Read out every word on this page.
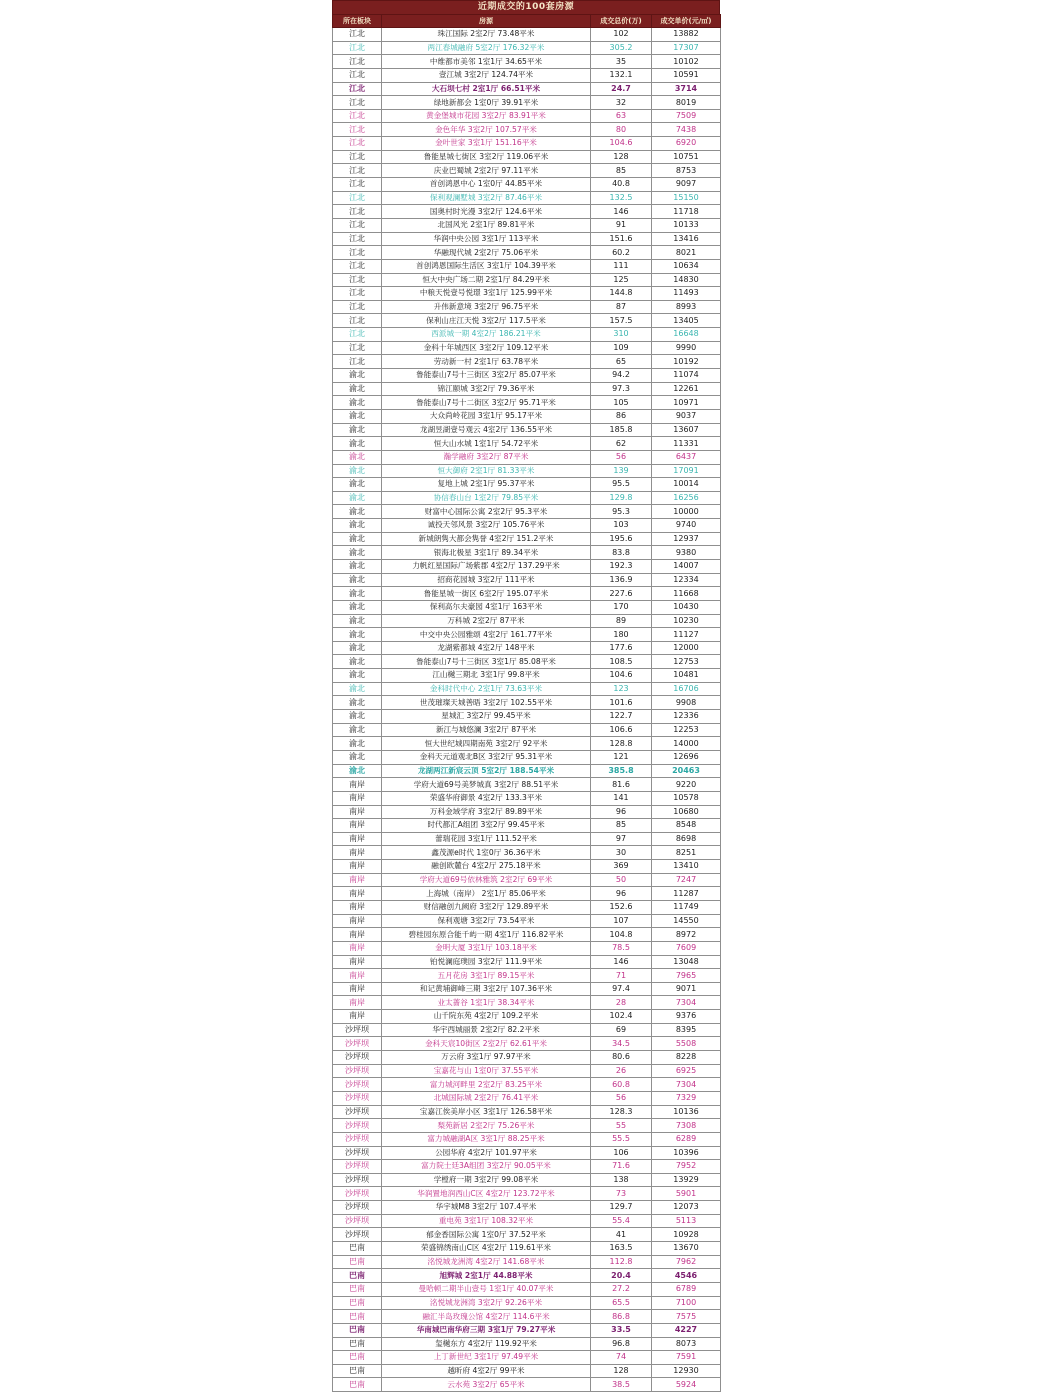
近期成交的100套房源
所在板块	房源	成交总价(万)	成交单价(元/㎡)
江北	珠江国际 2室2厅 73.48平米	102	13882
江北	两江春城融府 5室2厅 176.32平米	305.2	17307
江北	中维都市美邻 1室1厅 34.65平米	35	10102
江北	壹江城 3室2厅 124.74平米	132.1	10591
江北	大石坝七村 2室1厅 66.51平米	24.7	3714
江北	绿地新都会 1室0厅 39.91平米	32	8019
江北	黄金堡城市花园 3室2厅 83.91平米	63	7509
江北	金色年华 3室2厅 107.57平米	80	7438
江北	金叶世家 3室1厅 151.16平米	104.6	6920
江北	鲁能星城七街区 3室2厅 119.06平米	128	10751
江北	庆业巴蜀城 2室2厅 97.11平米	85	8753
江北	首创鸿恩中心 1室0厅 44.85平米	40.8	9097
江北	保利观澜墅城 3室2厅 87.46平米	132.5	15150
江北	国奥村时光漫 3室2厅 124.6平米	146	11718
江北	北国风光 2室1厅 89.81平米	91	10133
江北	华润中央公园 3室1厅 113平米	151.6	13416
江北	华融现代城 2室2厅 75.06平米	60.2	8021
江北	首创鸿恩国际生活区 3室1厅 104.39平米	111	10634
江北	恒大中央广场二期 2室1厅 84.29平米	125	14830
江北	中粮天悦壹号悦璟 3室1厅 125.99平米	144.8	11493
江北	升伟新意境 3室2厅 96.75平米	87	8993
江北	保利山庄江天悦 3室2厅 117.5平米	157.5	13405
江北	西派城一期 4室2厅 186.21平米	310	16648
江北	金科十年城西区 3室2厅 109.12平米	109	9990
江北	劳动新一村 2室1厅 63.78平米	65	10192
渝北	鲁能泰山7号十三街区 3室2厅 85.07平米	94.2	11074
渝北	锦江颐城 3室2厅 79.36平米	97.3	12261
渝北	鲁能泰山7号十二街区 3室2厅 95.71平米	105	10971
渝北	大众尚岭花园 3室1厅 95.17平米	86	9037
渝北	龙湖昱湖壹号观云 4室2厅 136.55平米	185.8	13607
渝北	恒大山水城 1室1厅 54.72平米	62	11331
渝北	瀚学融府 3室2厅 87平米	56	6437
渝北	恒大御府 2室1厅 81.33平米	139	17091
渝北	复地上城 2室1厅 95.37平米	95.5	10014
渝北	协信春山台 1室2厅 79.85平米	129.8	16256
渝北	财富中心国际公寓 2室2厅 95.3平米	95.3	10000
渝北	诚投天邻风景 3室2厅 105.76平米	103	9740
渝北	新城朗隽大都会隽誉 4室2厅 151.2平米	195.6	12937
渝北	银海北极星 3室1厅 89.34平米	83.8	9380
渝北	力帆红星国际广场紫郡 4室2厅 137.29平米	192.3	14007
渝北	招商花园城 3室2厅 111平米	136.9	12334
渝北	鲁能星城一街区 6室2厅 195.07平米	227.6	11668
渝北	保利高尔夫豪园 4室1厅 163平米	170	10430
渝北	万科城 2室2厅 87平米	89	10230
渝北	中交中央公园雅颂 4室2厅 161.77平米	180	11127
渝北	龙湖紫都城 4室2厅 148平米	177.6	12000
渝北	鲁能泰山7号十三街区 3室1厅 85.08平米	108.5	12753
渝北	江山樾三期北 3室1厅 99.8平米	104.6	10481
渝北	金科时代中心 2室1厅 73.63平米	123	16706
渝北	世茂璀璨天城善晤 3室2厅 102.55平米	101.6	9908
渝北	星城汇 3室2厅 99.45平米	122.7	12336
渝北	新江与城悠澜 3室2厅 87平米	106.6	12253
渝北	恒大世纪城四期南苑 3室2厅 92平米	128.8	14000
渝北	金科天元道观北B区 3室2厅 95.31平米	121	12696
渝北	龙湖两江新宸云顶 5室2厅 188.54平米	385.8	20463
南岸	学府大道69号美梦城真 3室2厅 88.51平米	81.6	9220
南岸	荣盛华府御景 4室2厅 133.3平米	141	10578
南岸	万科金域学府 3室2厅 89.89平米	96	10680
南岸	时代都汇A组团 3室2厅 99.45平米	85	8548
南岸	蕾瑞花园 3室1厅 111.52平米	97	8698
南岸	鑫茂源e时代 1室0厅 36.36平米	30	8251
南岸	融创欧麓台 4室2厅 275.18平米	369	13410
南岸	学府大道69号依林雅筑 2室2厅 69平米	50	7247
南岸	上海城（南岸） 2室1厅 85.06平米	96	11287
南岸	财信融创九阙府 3室2厅 129.89平米	152.6	11749
南岸	保利观塘 3室2厅 73.54平米	107	14550
南岸	碧桂园东原合能千屿一期 4室1厅 116.82平米	104.8	8972
南岸	金明大厦 3室1厅 103.18平米	78.5	7609
南岸	铂悦澜庭璞园 3室2厅 111.9平米	146	13048
南岸	五月花房 3室1厅 89.15平米	71	7965
南岸	和记黄埔御峰三期 3室2厅 107.36平米	97.4	9071
南岸	业太蔷谷 1室1厅 38.34平米	28	7304
南岸	山千院东苑 4室2厅 109.2平米	102.4	9376
沙坪坝	华宇西城丽景 2室2厅 82.2平米	69	8395
沙坪坝	金科天宸10街区 2室2厅 62.61平米	34.5	5508
沙坪坝	万云府 3室1厅 97.97平米	80.6	8228
沙坪坝	宝嘉花与山 1室0厅 37.55平米	26	6925
沙坪坝	富力城河畔里 2室2厅 83.25平米	60.8	7304
沙坪坝	北城国际城 2室2厅 76.41平米	56	7329
沙坪坝	宝嘉江俟美岸小区 3室1厅 126.58平米	128.3	10136
沙坪坝	梨苑新居 2室2厅 75.26平米	55	7308
沙坪坝	富力城融湖A区 3室1厅 88.25平米	55.5	6289
沙坪坝	公园华府 4室2厅 101.97平米	106	10396
沙坪坝	富力院士廷3A组团 3室2厅 90.05平米	71.6	7952
沙坪坝	学樘府一期 3室2厅 99.08平米	138	13929
沙坪坝	华润置地润西山C区 4室2厅 123.72平米	73	5901
沙坪坝	华宇城M8 3室2厅 107.4平米	129.7	12073
沙坪坝	重电苑 3室1厅 108.32平米	55.4	5113
沙坪坝	郁金香国际公寓 1室0厅 37.52平米	41	10928
巴南	荣盛锦绣南山C区 4室2厅 119.61平米	163.5	13670
巴南	洺悦城龙洲湾 4室2厅 141.68平米	112.8	7962
巴南	旭辉城 2室1厅 44.88平米	20.4	4546
巴南	曼哈顿二期半山壹号 1室1厅 40.07平米	27.2	6789
巴南	洺悦城龙洲湾 3室2厅 92.26平米	65.5	7100
巴南	融汇半岛玫瑰公馆 4室2厅 114.6平米	86.8	7575
巴南	华南城巴南华府三期 3室1厅 79.27平米	33.5	4227
巴南	玺樾东方 4室2厅 119.92平米	96.8	8073
巴南	上丁新世纪 3室1厅 97.49平米	74	7591
巴南	越昕府 4室2厅 99平米	128	12930
巴南	云水苑 3室2厅 65平米	38.5	5924
